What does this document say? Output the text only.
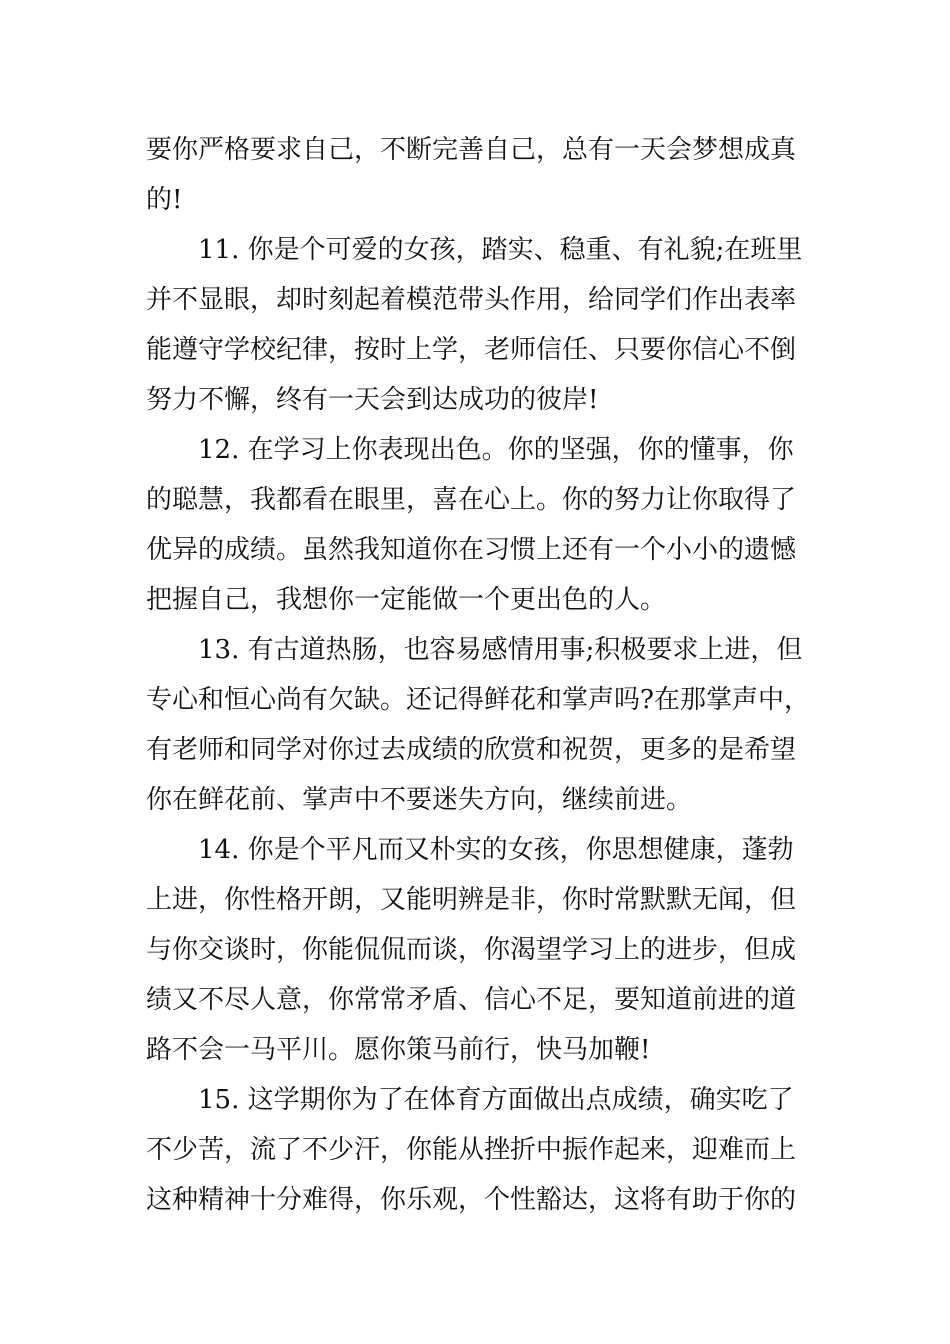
要你严格要求自己，不断完善自己，总有一天会梦想成真
的!
11. 你是个可爱的女孩，踏实、稳重、有礼貌;在班里
并不显眼，却时刻起着模范带头作用，给同学们作出表率
能遵守学校纪律，按时上学，老师信任、只要你信心不倒
努力不懈，终有一天会到达成功的彼岸!
12. 在学习上你表现出色。你的坚强，你的懂事，你
的聪慧，我都看在眼里，喜在心上。你的努力让你取得了
优异的成绩。虽然我知道你在习惯上还有一个小小的遗憾
把握自己，我想你一定能做一个更出色的人。
13. 有古道热肠，也容易感情用事;积极要求上进，但
专心和恒心尚有欠缺。还记得鲜花和掌声吗?在那掌声中，
有老师和同学对你过去成绩的欣赏和祝贺，更多的是希望
你在鲜花前、掌声中不要迷失方向，继续前进。
14. 你是个平凡而又朴实的女孩，你思想健康，蓬勃
上进，你性格开朗，又能明辨是非，你时常默默无闻，但
与你交谈时，你能侃侃而谈，你渴望学习上的进步，但成
绩又不尽人意，你常常矛盾、信心不足，要知道前进的道
路不会一马平川。愿你策马前行，快马加鞭!
15. 这学期你为了在体育方面做出点成绩，确实吃了
不少苦，流了不少汗，你能从挫折中振作起来，迎难而上
这种精神十分难得，你乐观，个性豁达，这将有助于你的
